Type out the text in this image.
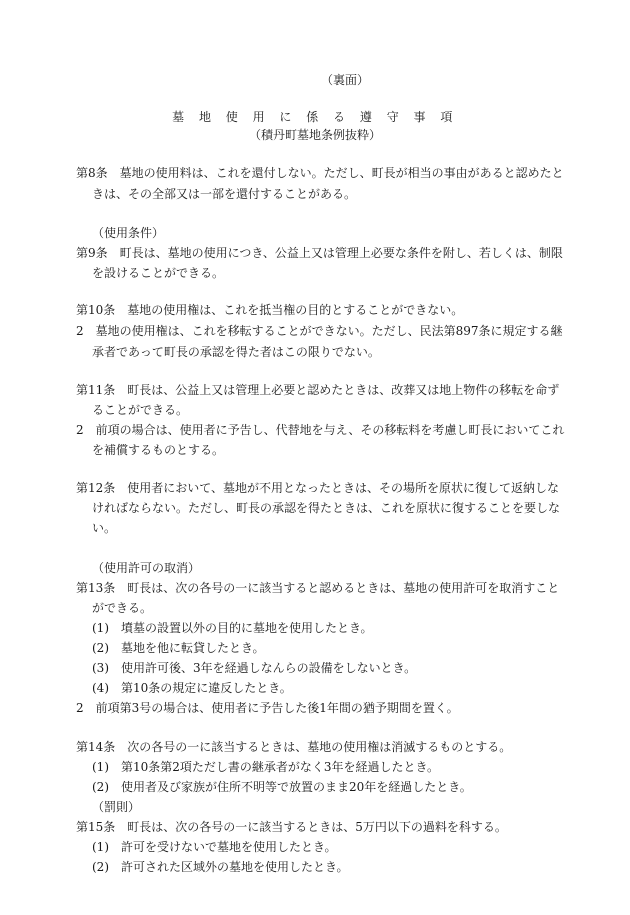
（裏面）
墓 地 使 用 に 係 る 遵 守 事 項
（積丹町墓地条例抜粋）
第8条　墓地の使用料は、これを還付しない。ただし、町長が相当の事由があると認めたと
きは、その全部又は一部を還付することがある。
（使用条件）
第9条　町長は、墓地の使用につき、公益上又は管理上必要な条件を附し、若しくは、制限
を設けることができる。
第10条　墓地の使用権は、これを抵当権の目的とすることができない。
2　墓地の使用権は、これを移転することができない。ただし、民法第897条に規定する継
承者であって町長の承認を得た者はこの限りでない。
第11条　町長は、公益上又は管理上必要と認めたときは、改葬又は地上物件の移転を命ず
ることができる。
2　前項の場合は、使用者に予告し、代替地を与え、その移転料を考慮し町長においてこれ
を補償するものとする。
第12条　使用者において、墓地が不用となったときは、その場所を原状に復して返納しな
ければならない。ただし、町長の承認を得たときは、これを原状に復することを要しな
い。
（使用許可の取消）
第13条　町長は、次の各号の一に該当すると認めるときは、墓地の使用許可を取消すこと
ができる。
(1)　墳墓の設置以外の目的に墓地を使用したとき。
(2)　墓地を他に転貸したとき。
(3)　使用許可後、3年を経過しなんらの設備をしないとき。
(4)　第10条の規定に違反したとき。
2　前項第3号の場合は、使用者に予告した後1年間の猶予期間を置く。
第14条　次の各号の一に該当するときは、墓地の使用権は消滅するものとする。
(1)　第10条第2項ただし書の継承者がなく3年を経過したとき。
(2)　使用者及び家族が住所不明等で放置のまま20年を経過したとき。
（罰則）
第15条　町長は、次の各号の一に該当するときは、5万円以下の過料を科する。
(1)　許可を受けないで墓地を使用したとき。
(2)　許可された区域外の墓地を使用したとき。
